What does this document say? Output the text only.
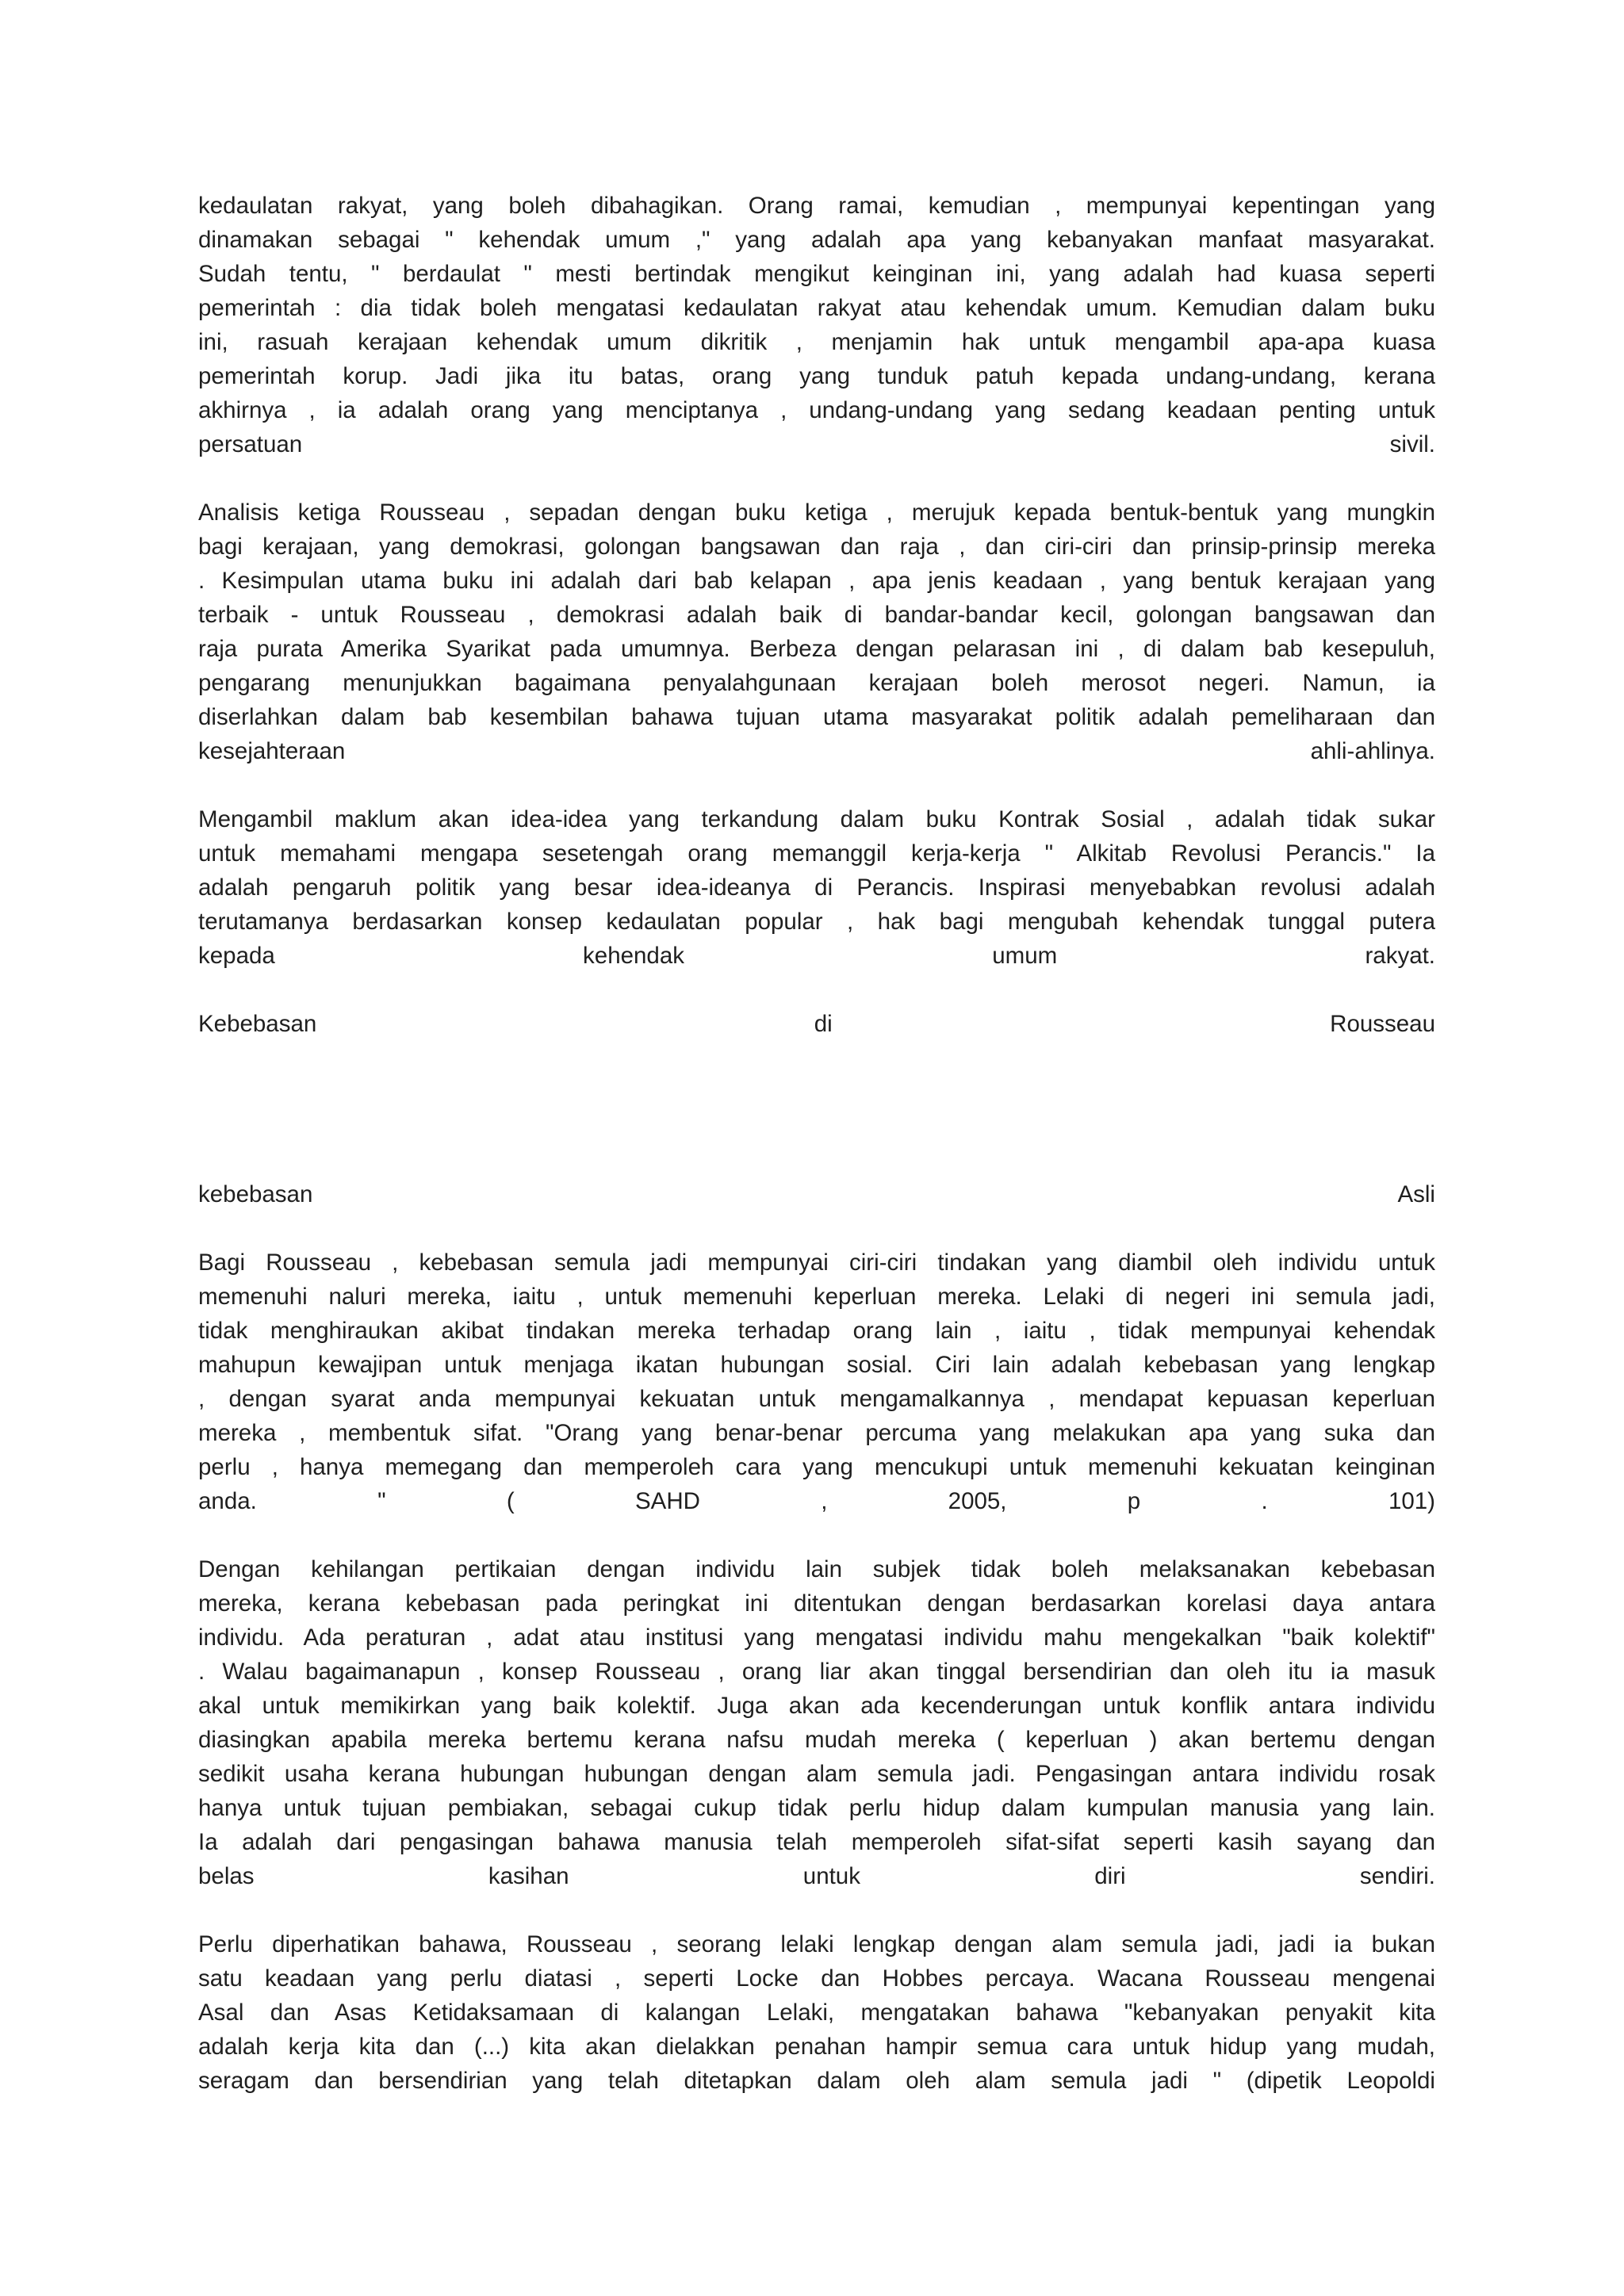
kedaulatan rakyat, yang boleh dibahagikan. Orang ramai, kemudian , mempunyai kepentingan yang
dinamakan sebagai " kehendak umum ," yang adalah apa yang kebanyakan manfaat masyarakat.
Sudah tentu, " berdaulat " mesti bertindak mengikut keinginan ini, yang adalah had kuasa seperti
pemerintah : dia tidak boleh mengatasi kedaulatan rakyat atau kehendak umum. Kemudian dalam buku
ini, rasuah kerajaan kehendak umum dikritik , menjamin hak untuk mengambil apa-apa kuasa
pemerintah korup. Jadi jika itu batas, orang yang tunduk patuh kepada undang-undang, kerana
akhirnya , ia adalah orang yang menciptanya , undang-undang yang sedang keadaan penting untuk
persatuan sivil.
Analisis ketiga Rousseau , sepadan dengan buku ketiga , merujuk kepada bentuk-bentuk yang mungkin
bagi kerajaan, yang demokrasi, golongan bangsawan dan raja , dan ciri-ciri dan prinsip-prinsip mereka
. Kesimpulan utama buku ini adalah dari bab kelapan , apa jenis keadaan , yang bentuk kerajaan yang
terbaik - untuk Rousseau , demokrasi adalah baik di bandar-bandar kecil, golongan bangsawan dan
raja purata Amerika Syarikat pada umumnya. Berbeza dengan pelarasan ini , di dalam bab kesepuluh,
pengarang menunjukkan bagaimana penyalahgunaan kerajaan boleh merosot negeri. Namun, ia
diserlahkan dalam bab kesembilan bahawa tujuan utama masyarakat politik adalah pemeliharaan dan
kesejahteraan ahli-ahlinya.
Mengambil maklum akan idea-idea yang terkandung dalam buku Kontrak Sosial , adalah tidak sukar
untuk memahami mengapa sesetengah orang memanggil kerja-kerja " Alkitab Revolusi Perancis." Ia
adalah pengaruh politik yang besar idea-ideanya di Perancis. Inspirasi menyebabkan revolusi adalah
terutamanya berdasarkan konsep kedaulatan popular , hak bagi mengubah kehendak tunggal putera
kepada kehendak umum rakyat.
Kebebasan	di	Rousseau
kebebasan	Asli
Bagi Rousseau , kebebasan semula jadi mempunyai ciri-ciri tindakan yang diambil oleh individu untuk
memenuhi naluri mereka, iaitu , untuk memenuhi keperluan mereka. Lelaki di negeri ini semula jadi,
tidak menghiraukan akibat tindakan mereka terhadap orang lain , iaitu , tidak mempunyai kehendak
mahupun kewajipan untuk menjaga ikatan hubungan sosial. Ciri lain adalah kebebasan yang lengkap
, dengan syarat anda mempunyai kekuatan untuk mengamalkannya , mendapat kepuasan keperluan
mereka , membentuk sifat. "Orang yang benar-benar percuma yang melakukan apa yang suka dan
perlu , hanya memegang dan memperoleh cara yang mencukupi untuk memenuhi kekuatan keinginan
anda. " ( SAHD , 2005, p . 101)
Dengan kehilangan pertikaian dengan individu lain subjek tidak boleh melaksanakan kebebasan
mereka, kerana kebebasan pada peringkat ini ditentukan dengan berdasarkan korelasi daya antara
individu. Ada peraturan , adat atau institusi yang mengatasi individu mahu mengekalkan "baik kolektif"
. Walau bagaimanapun , konsep Rousseau , orang liar akan tinggal bersendirian dan oleh itu ia masuk
akal untuk memikirkan yang baik kolektif. Juga akan ada kecenderungan untuk konflik antara individu
diasingkan apabila mereka bertemu kerana nafsu mudah mereka ( keperluan ) akan bertemu dengan
sedikit usaha kerana hubungan hubungan dengan alam semula jadi. Pengasingan antara individu rosak
hanya untuk tujuan pembiakan, sebagai cukup tidak perlu hidup dalam kumpulan manusia yang lain.
Ia adalah dari pengasingan bahawa manusia telah memperoleh sifat-sifat seperti kasih sayang dan
belas kasihan untuk diri sendiri.
Perlu diperhatikan bahawa, Rousseau , seorang lelaki lengkap dengan alam semula jadi, jadi ia bukan
satu keadaan yang perlu diatasi , seperti Locke dan Hobbes percaya. Wacana Rousseau mengenai
Asal dan Asas Ketidaksamaan di kalangan Lelaki, mengatakan bahawa "kebanyakan penyakit kita
adalah kerja kita dan (...) kita akan dielakkan penahan hampir semua cara untuk hidup yang mudah,
seragam dan bersendirian yang telah ditetapkan dalam oleh alam semula jadi " (dipetik Leopoldi
